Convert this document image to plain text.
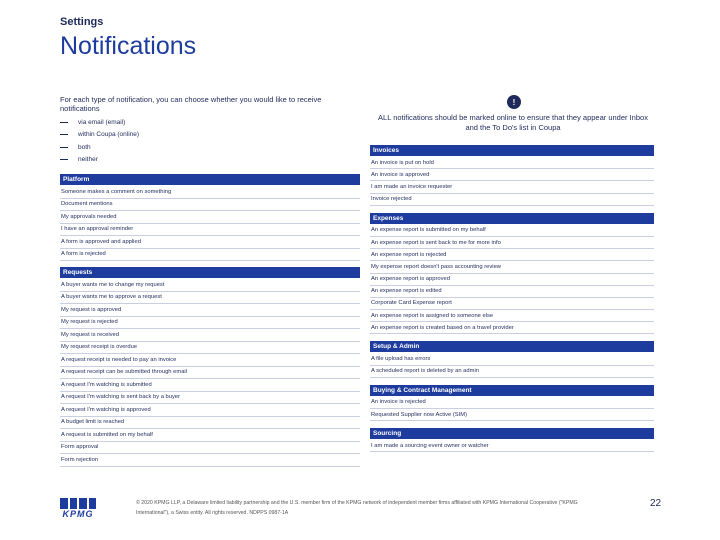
Settings
Notifications
For each type of notification, you can choose whether you would like to receive notifications
via email (email)
within Coupa (online)
both
neither
!
ALL notifications should be marked online to ensure that they appear under Inbox and the To Do's list in Coupa
Platform
Someone makes a comment on something
Document mentions
My approvals needed
I have an approval reminder
A form is approved and applied
A form is rejected
Requests
A buyer wants me to change my request
A buyer wants me to approve a request
My request is approved
My request is rejected
My request is received
My request receipt is overdue
A request receipt is needed to pay an invoice
A request receipt can be submitted through email
A request I'm watching is submitted
A request I'm watching is sent back by a buyer
A request I'm watching is approved
A budget limit is reached
A request is submitted on my behalf
Form approval
Form rejection
Invoices
An invoice is put on hold
An invoice is approved
I am made an invoice requester
Invoice rejected
Expenses
An expense report is submitted on my behalf
An expense report is sent back to me for more info
An expense report is rejected
My expense report doesn't pass accounting review
An expense report is approved
An expense report is edited
Corporate Card Expense report
An expense report is assigned to someone else
An expense report is created based on a travel provider
Setup & Admin
A file upload has errors
A scheduled report is deleted by an admin
Buying & Contract Management
An invoice is rejected
Requested Supplier now Active (SIM)
Sourcing
I am made a sourcing event owner or watcher
KPMG
© 2020 KPMG LLP, a Delaware limited liability partnership and the U.S. member firm of the KPMG network of independent member firms affiliated with KPMG International Cooperative ("KPMG International"), a Swiss entity. All rights reserved. NDPPS 0987-1A
22
